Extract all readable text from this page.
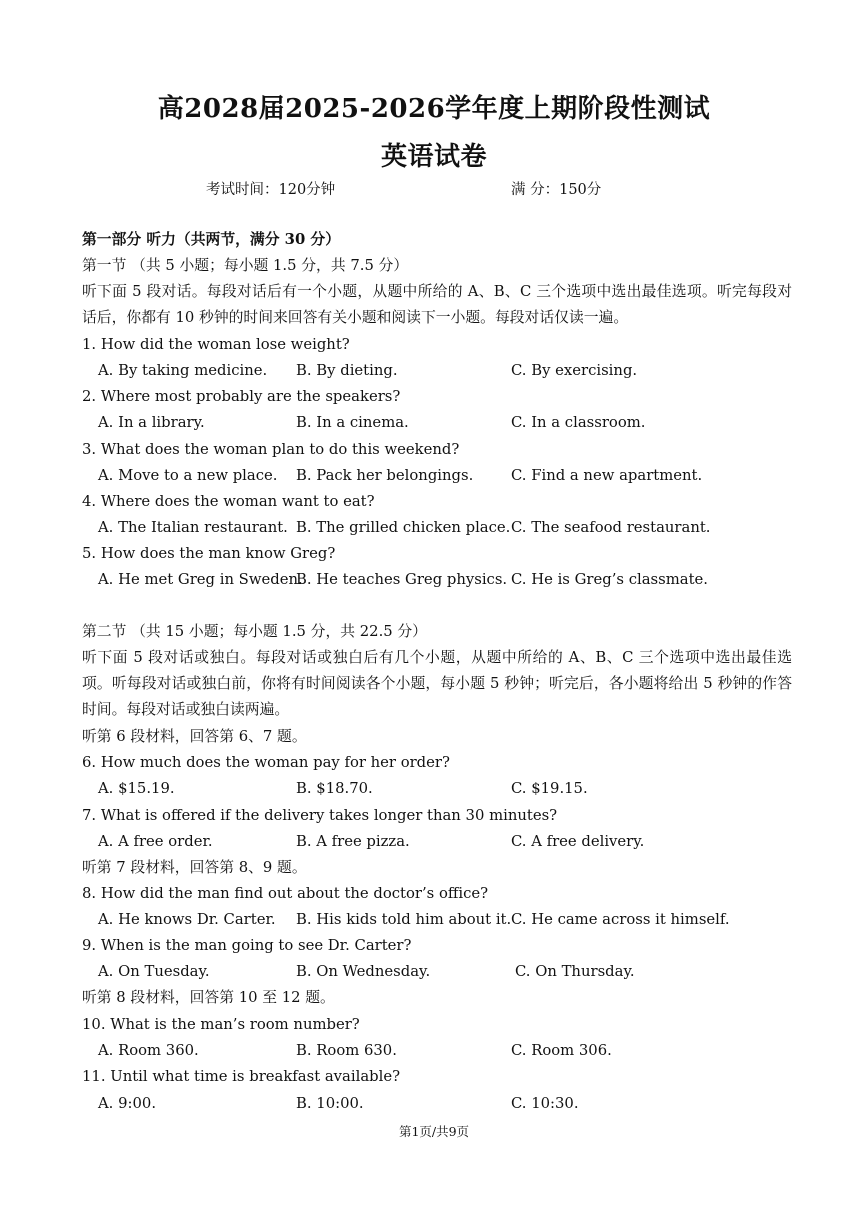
高2028届2025-2026学年度上期阶段性测试
英语试卷
考试时间：120分钟	满 分：150分
第一部分 听力（共两节，满分 30 分）
第一节 （共 5 小题；每小题 1.5 分，共 7.5 分）
听下面 5 段对话。每段对话后有一个小题，从题中所给的 A、B、C 三个选项中选出最佳选项。听完每段对话后，你都有 10 秒钟的时间来回答有关小题和阅读下一小题。每段对话仅读一遍。
1. How did the woman lose weight?
A. By taking medicine. B. By dieting.	C. By exercising.
2. Where most probably are the speakers?
A. In a library.	B. In a cinema.	C. In a classroom.
3. What does the woman plan to do this weekend?
A. Move to a new place. B. Pack her belongings.	C. Find a new apartment.
4. Where does the woman want to eat?
A. The Italian restaurant. B. The grilled chicken place. C. The seafood restaurant.
5. How does the man know Greg?
A. He met Greg in Sweden.
B. He teaches Greg physics. C. He is Greg’s classmate.
第二节 （共 15 小题；每小题 1.5 分，共 22.5 分）
听下面 5 段对话或独白。每段对话或独白后有几个小题，从题中所给的 A、B、C 三个选项中选出最佳选项。听每段对话或独白前，你将有时间阅读各个小题，每小题 5 秒钟；听完后，各小题将给出 5 秒钟的作答时间。每段对话或独白读两遍。
听第 6 段材料，回答第 6、7 题。
6. How much does the woman pay for her order?
A. $15.19.	B. $18.70.	C. $19.15.
7. What is offered if the delivery takes longer than 30 minutes?
A. A free order.	B. A free pizza.	C. A free delivery.
听第 7 段材料，回答第 8、9 题。
8. How did the man find out about the doctor’s office?
A. He knows Dr. Carter. B. His kids told him about it. C. He came across it himself.
9. When is the man going to see Dr. Carter?
A. On Tuesday.	B. On Wednesday.	C. On Thursday.
听第 8 段材料，回答第 10 至 12 题。
10. What is the man’s room number?
A. Room 360.	B. Room 630.	C. Room 306.
11. Until what time is breakfast available?
A. 9:00.	B. 10:00.	C. 10:30.
第1页/共9页
